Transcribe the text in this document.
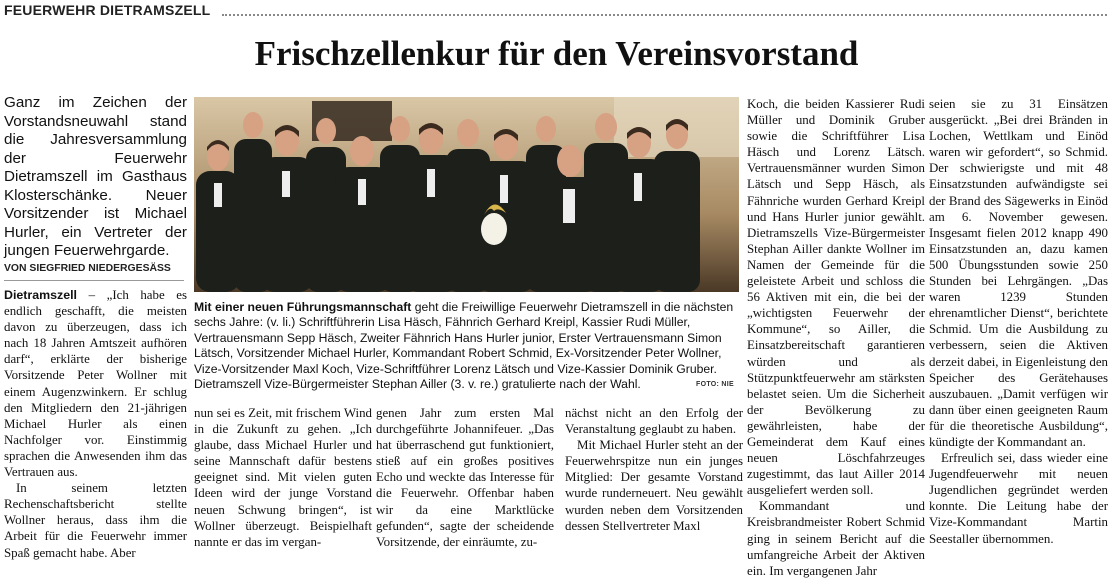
FEUERWEHR DIETRAMSZELL
Frischzellenkur für den Vereinsvorstand
Ganz im Zeichen der Vorstandsneuwahl stand die Jahresversammlung der Feuerwehr Dietramszell im Gasthaus Klosterschänke. Neuer Vorsitzender ist Michael Hurler, ein Vertreter der jungen Feuerwehrgarde.
VON SIEGFRIED NIEDERGESÄSS
Mit einer neuen Führungsmannschaft geht die Freiwillige Feuerwehr Dietramszell in die nächsten sechs Jahre: (v. li.) Schriftführerin Lisa Häsch, Fähnrich Gerhard Kreipl, Kassier Rudi Müller, Vertrauensmann Sepp Häsch, Zweiter Fähnrich Hans Hurler junior, Erster Vertrauensmann Simon Lätsch, Vorsitzender Michael Hurler, Kommandant Robert Schmid, Ex-Vorsitzender Peter Wollner, Vize-Vorsitzender Maxl Koch, Vize-Schriftführer Lorenz Lätsch und Vize-Kassier Dominik Gruber. Dietramszell Vize-Bürgermeister Stephan Ailler (3. v. re.) gratulierte nach der Wahl.	FOTO: NIE

Dietramszell – „Ich habe es endlich geschafft, die meisten davon zu überzeugen, dass ich nach 18 Jahren Amtszeit aufhören darf“, erklärte der bisherige Vorsitzende Peter Wollner mit einem Augenzwinkern. Er schlug den Mitgliedern den 21-jährigen Michael Hurler als einen Nachfolger vor. Einstimmig sprachen die Anwesenden ihm das Vertrauen aus.

In seinem letzten Rechenschaftsbericht stellte Wollner heraus, dass ihm die Arbeit für die Feuerwehr immer Spaß gemacht habe. Aber

nun sei es Zeit, mit frischem Wind in die Zukunft zu gehen. „Ich glaube, dass Michael Hurler und seine Mannschaft dafür bestens geeignet sind. Mit vielen guten Ideen wird der junge Vorstand neuen Schwung bringen“, ist Wollner überzeugt. Beispielhaft nannte er das im vergan-

genen Jahr zum ersten Mal durchgeführte Johannifeuer. „Das hat überraschend gut funktioniert, stieß auf ein großes positives Echo und weckte das Interesse für die Feuerwehr. Offenbar haben wir da eine Marktlücke gefunden“, sagte der scheidende Vorsitzende, der einräumte, zu-

nächst nicht an den Erfolg der Veranstaltung geglaubt zu haben.

Mit Michael Hurler steht an der Feuerwehrspitze nun ein junges Mitglied: Der gesamte Vorstand wurde runderneuert. Neu gewählt wurden neben dem Vorsitzenden dessen Stellvertreter Maxl

Koch, die beiden Kassierer Rudi Müller und Dominik Gruber sowie die Schriftführer Lisa Häsch und Lorenz Lätsch. Vertrauensmänner wurden Simon Lätsch und Sepp Häsch, als Fähnriche wurden Gerhard Kreipl und Hans Hurler junior gewählt. Dietramszells Vize-Bürgermeister Stephan Ailler dankte Wollner im Namen der Gemeinde für die geleistete Arbeit und schloss die 56 Aktiven mit ein, die bei der „wichtigsten Feuerwehr der Kommune“, so Ailler, die Einsatzbereitschaft garantieren würden und als Stützpunktfeuerwehr am stärksten belastet seien. Um die Sicherheit der Bevölkerung zu gewährleisten, habe der Gemeinderat dem Kauf eines neuen Löschfahrzeuges zugestimmt, das laut Ailler 2014 ausgeliefert werden soll.

Kommandant und Kreisbrandmeister Robert Schmid ging in seinem Bericht auf die umfangreiche Arbeit der Aktiven ein. Im vergangenen Jahr

seien sie zu 31 Einsätzen ausgerückt. „Bei drei Bränden in Lochen, Wettlkam und Einöd waren wir gefordert“, so Schmid. Der schwierigste und mit 48 Einsatzstunden aufwändigste sei der Brand des Sägewerks in Einöd am 6. November gewesen. Insgesamt fielen 2012 knapp 490 Einsatzstunden an, dazu kamen 500 Übungsstunden sowie 250 Stunden bei Lehrgängen. „Das waren 1239 Stunden ehrenamtlicher Dienst“, berichtete Schmid. Um die Ausbildung zu verbessern, seien die Aktiven derzeit dabei, in Eigenleistung den Speicher des Gerätehauses auszubauen. „Damit verfügen wir dann über einen geeigneten Raum für die theoretische Ausbildung“, kündigte der Kommandant an.

Erfreulich sei, dass wieder eine Jugendfeuerwehr mit neuen Jugendlichen gegründet werden konnte. Die Leitung habe der Vize-Kommandant Martin Seestaller übernommen.
